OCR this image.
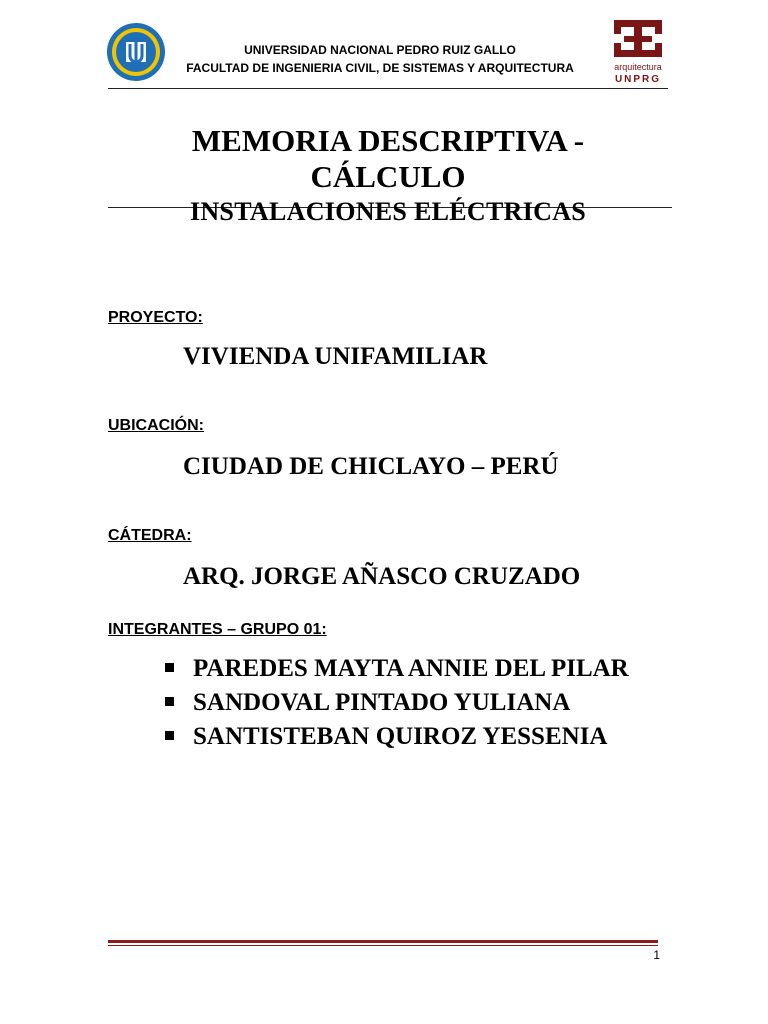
UNIVERSIDAD NACIONAL PEDRO RUIZ GALLO
FACULTAD DE INGENIERIA CIVIL, DE SISTEMAS Y ARQUITECTURA	arquitectura
UNPRG
MEMORIA DESCRIPTIVA -
CÁLCULO
INSTALACIONES ELÉCTRICAS
PROYECTO:
VIVIENDA UNIFAMILIAR
UBICACIÓN:
CIUDAD DE CHICLAYO – PERÚ
CÁTEDRA:
ARQ. JORGE AÑASCO CRUZADO
INTEGRANTES – GRUPO 01:
PAREDES MAYTA ANNIE DEL PILAR
SANDOVAL PINTADO YULIANA
SANTISTEBAN QUIROZ YESSENIA
1
